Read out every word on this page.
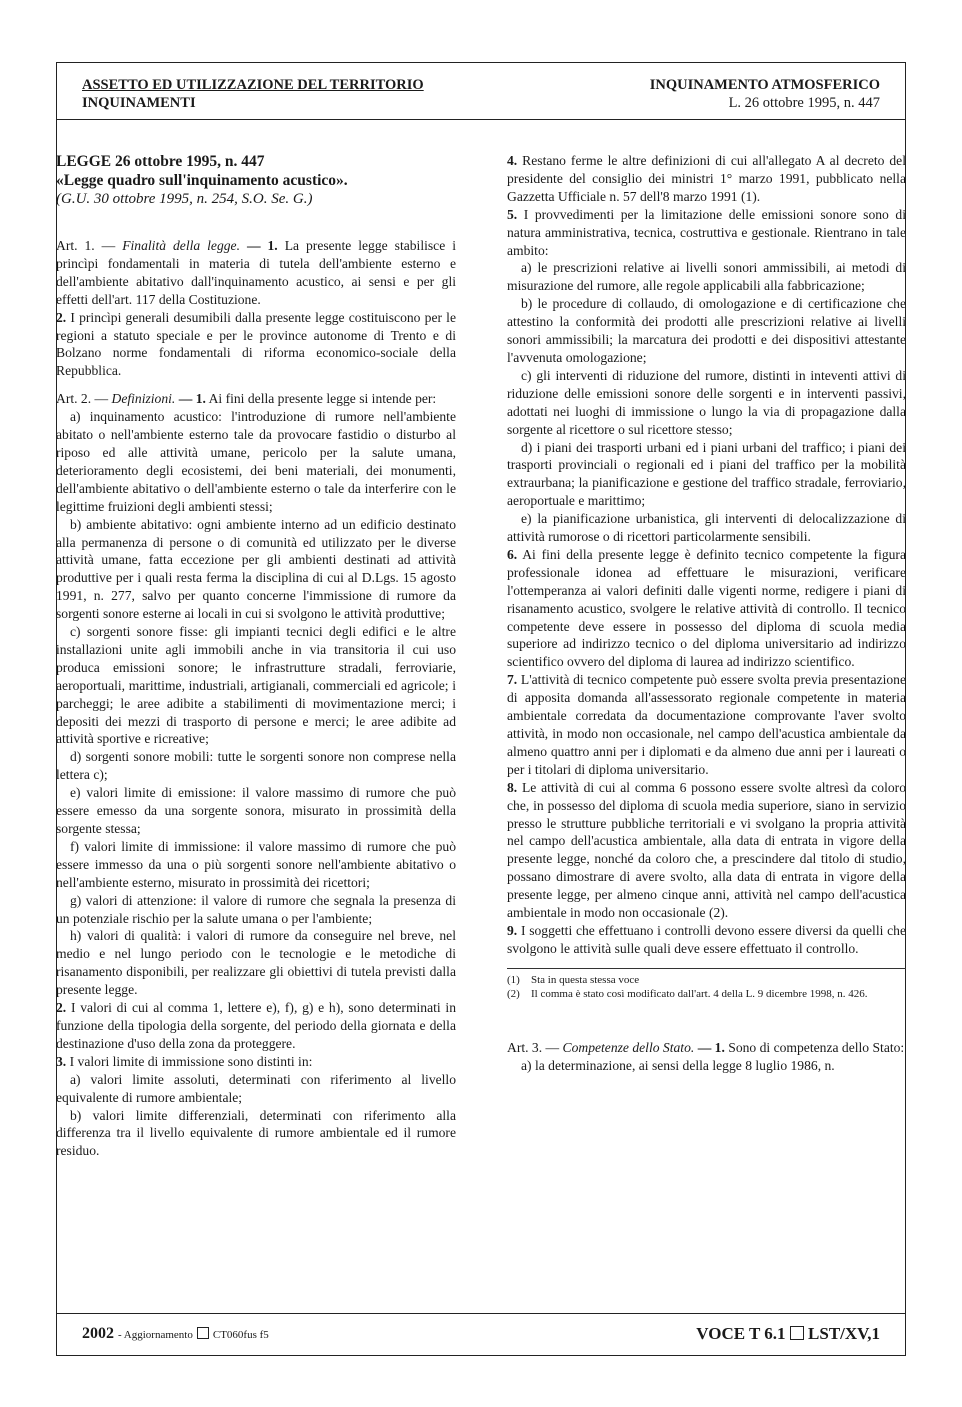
ASSETTO ED UTILIZZAZIONE DEL TERRITORIO
INQUINAMENTI
INQUINAMENTO ATMOSFERICO
L. 26 ottobre 1995, n. 447
LEGGE 26 ottobre 1995, n. 447
«Legge quadro sull'inquinamento acustico».
(G.U. 30 ottobre 1995, n. 254, S.O. Se. G.)

Art. 1. — Finalità della legge. — 1. La presente legge stabilisce i princìpi fondamentali in materia di tutela dell'ambiente esterno e dell'ambiente abitativo dall'inquinamento acustico, ai sensi e per gli effetti dell'art. 117 della Costituzione.

2. I princìpi generali desumibili dalla presente legge costituiscono per le regioni a statuto speciale e per le province autonome di Trento e di Bolzano norme fondamentali di riforma economico-sociale della Repubblica.

Art. 2. — Definizioni. — 1. Ai fini della presente legge si intende per:

a) inquinamento acustico: l'introduzione di rumore nell'ambiente abitato o nell'ambiente esterno tale da provocare fastidio o disturbo al riposo ed alle attività umane, pericolo per la salute umana, deterioramento degli ecosistemi, dei beni materiali, dei monumenti, dell'ambiente abitativo o dell'ambiente esterno o tale da interferire con le legittime fruizioni degli ambienti stessi;

b) ambiente abitativo: ogni ambiente interno ad un edificio destinato alla permanenza di persone o di comunità ed utilizzato per le diverse attività umane, fatta eccezione per gli ambienti destinati ad attività produttive per i quali resta ferma la disciplina di cui al D.Lgs. 15 agosto 1991, n. 277, salvo per quanto concerne l'immissione di rumore da sorgenti sonore esterne ai locali in cui si svolgono le attività produttive;

c) sorgenti sonore fisse: gli impianti tecnici degli edifici e le altre installazioni unite agli immobili anche in via transitoria il cui uso produca emissioni sonore; le infrastrutture stradali, ferroviarie, aeroportuali, marittime, industriali, artigianali, commerciali ed agricole; i parcheggi; le aree adibite a stabilimenti di movimentazione merci; i depositi dei mezzi di trasporto di persone e merci; le aree adibite ad attività sportive e ricreative;

d) sorgenti sonore mobili: tutte le sorgenti sonore non comprese nella lettera c);

e) valori limite di emissione: il valore massimo di rumore che può essere emesso da una sorgente sonora, misurato in prossimità della sorgente stessa;

f) valori limite di immissione: il valore massimo di rumore che può essere immesso da una o più sorgenti sonore nell'ambiente abitativo o nell'ambiente esterno, misurato in prossimità dei ricettori;

g) valori di attenzione: il valore di rumore che segnala la presenza di un potenziale rischio per la salute umana o per l'ambiente;

h) valori di qualità: i valori di rumore da conseguire nel breve, nel medio e nel lungo periodo con le tecnologie e le metodiche di risanamento disponibili, per realizzare gli obiettivi di tutela previsti dalla presente legge.

2. I valori di cui al comma 1, lettere e), f), g) e h), sono determinati in funzione della tipologia della sorgente, del periodo della giornata e della destinazione d'uso della zona da proteggere.

3. I valori limite di immissione sono distinti in:

a) valori limite assoluti, determinati con riferimento al livello equivalente di rumore ambientale;

b) valori limite differenziali, determinati con riferimento alla differenza tra il livello equivalente di rumore ambientale ed il rumore residuo.

4. Restano ferme le altre definizioni di cui all'allegato A al decreto del presidente del consiglio dei ministri 1° marzo 1991, pubblicato nella Gazzetta Ufficiale n. 57 dell'8 marzo 1991 (1).

5. I provvedimenti per la limitazione delle emissioni sonore sono di natura amministrativa, tecnica, costruttiva e gestionale. Rientrano in tale ambito:

a) le prescrizioni relative ai livelli sonori ammissibili, ai metodi di misurazione del rumore, alle regole applicabili alla fabbricazione;

b) le procedure di collaudo, di omologazione e di certificazione che attestino la conformità dei prodotti alle prescrizioni relative ai livelli sonori ammissibili; la marcatura dei prodotti e dei dispositivi attestante l'avvenuta omologazione;

c) gli interventi di riduzione del rumore, distinti in inteventi attivi di riduzione delle emissioni sonore delle sorgenti e in interventi passivi, adottati nei luoghi di immissione o lungo la via di propagazione dalla sorgente al ricettore o sul ricettore stesso;

d) i piani dei trasporti urbani ed i piani urbani del traffico; i piani dei trasporti provinciali o regionali ed i piani del traffico per la mobilità extraurbana; la pianificazione e gestione del traffico stradale, ferroviario, aeroportuale e marittimo;

e) la pianificazione urbanistica, gli interventi di delocalizzazione di attività rumorose o di ricettori particolarmente sensibili.

6. Ai fini della presente legge è definito tecnico competente la figura professionale idonea ad effettuare le misurazioni, verificare l'ottemperanza ai valori definiti dalle vigenti norme, redigere i piani di risanamento acustico, svolgere le relative attività di controllo. Il tecnico competente deve essere in possesso del diploma di scuola media superiore ad indirizzo tecnico o del diploma universitario ad indirizzo scientifico ovvero del diploma di laurea ad indirizzo scientifico.

7. L'attività di tecnico competente può essere svolta previa presentazione di apposita domanda all'assessorato regionale competente in materia ambientale corredata da documentazione comprovante l'aver svolto attività, in modo non occasionale, nel campo dell'acustica ambientale da almeno quattro anni per i diplomati e da almeno due anni per i laureati o per i titolari di diploma universitario.

8. Le attività di cui al comma 6 possono essere svolte altresì da coloro che, in possesso del diploma di scuola media superiore, siano in servizio presso le strutture pubbliche territoriali e vi svolgano la propria attività nel campo dell'acustica ambientale, alla data di entrata in vigore della presente legge, nonché da coloro che, a prescindere dal titolo di studio, possano dimostrare di avere svolto, alla data di entrata in vigore della presente legge, per almeno cinque anni, attività nel campo dell'acustica ambientale in modo non occasionale (2).

9. I soggetti che effettuano i controlli devono essere diversi da quelli che svolgono le attività sulle quali deve essere effettuato il controllo.

(1)	Sta in questa stessa voce
(2)	Il comma è stato così modificato dall'art. 4 della L. 9 dicembre 1998, n. 426.

Art. 3. — Competenze dello Stato. — 1. Sono di competenza dello Stato:

a) la determinazione, ai sensi della legge 8 luglio 1986, n.

2002 - Aggiornamento CT060fus f5	VOCE T 6.1 LST/XV,1
